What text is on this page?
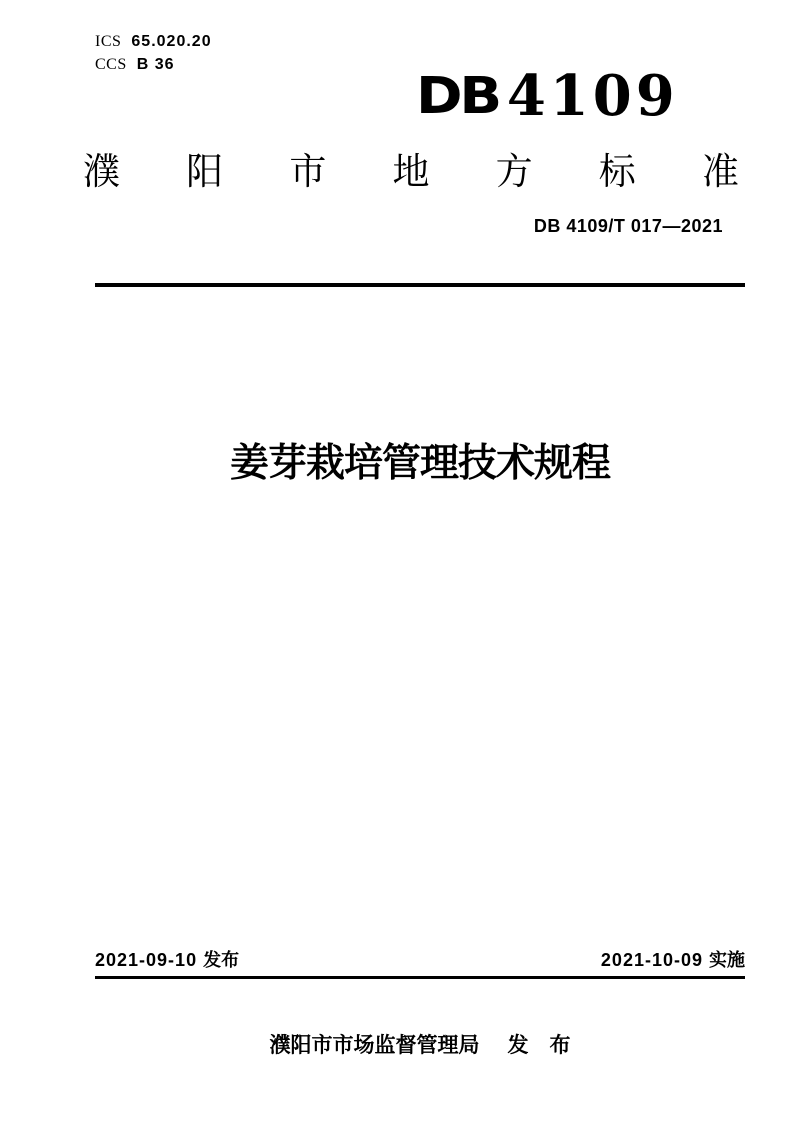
ICS 65.020.20
CCS B 36
DB 4109
濮 阳 市 地 方 标 准
DB 4109/T 017—2021
姜芽栽培管理技术规程
2021-09-10 发布	2021-10-09 实施
濮阳市市场监督管理局 发　布
